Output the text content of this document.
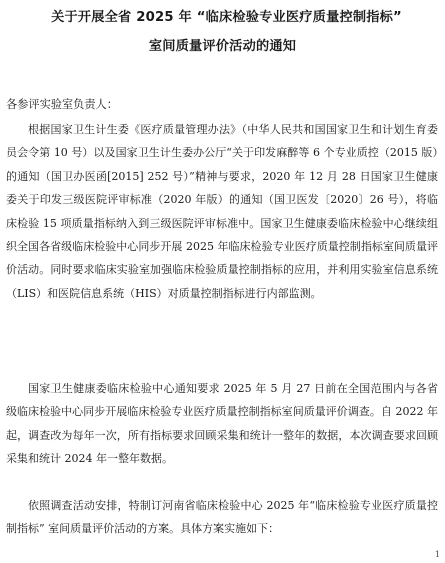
关于开展全省 2025 年 “临床检验专业医疗质量控制指标”
室间质量评价活动的通知
各参评实验室负责人：
根据国家卫生计生委《医疗质量管理办法》（中华人民共和国国家卫生和计划生育委员会令第 10 号）以及国家卫生计生委办公厅“关于印发麻醉等 6 个专业质控（2015 版）的通知（国卫办医函[2015] 252 号）”精神与要求，2020 年 12 月 28 日国家卫生健康委关于印发三级医院评审标准（2020 年版）的通知（国卫医发〔2020〕26 号），将临床检验 15 项质量指标纳入到三级医院评审标准中。国家卫生健康委临床检验中心继续组织全国各省级临床检验中心同步开展 2025 年临床检验专业医疗质量控制指标室间质量评价活动。同时要求临床实验室加强临床检验质量控制指标的应用，并利用实验室信息系统（LIS）和医院信息系统（HIS）对质量控制指标进行内部监测。
国家卫生健康委临床检验中心通知要求 2025 年 5 月 27 日前在全国范围内与各省级临床检验中心同步开展临床检验专业医疗质量控制指标室间质量评价调查。自 2022 年起，调查改为每年一次，所有指标要求回顾采集和统计一整年的数据，本次调查要求回顾采集和统计 2024 年一整年数据。
依照调查活动安排，特制订河南省临床检验中心 2025 年“临床检验专业医疗质量控制指标” 室间质量评价活动的方案。具体方案实施如下：
1
